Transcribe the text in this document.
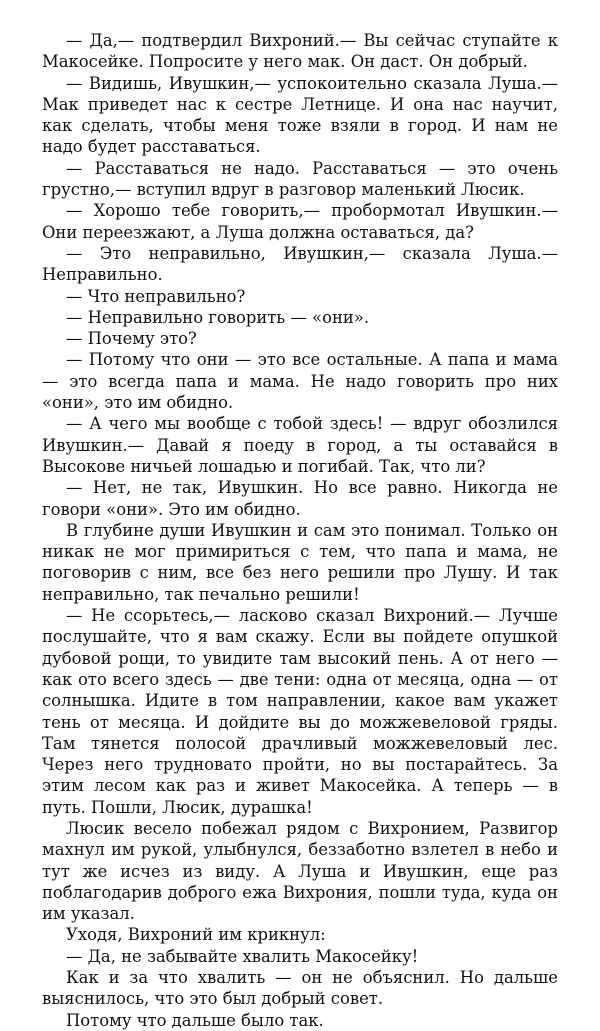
— Да,— подтвердил Вихроний.— Вы сейчас ступайте к Макосейке. Попросите у него мак. Он даст. Он добрый.

— Видишь, Ивушкин,— успокоительно сказала Луша.— Мак приведет нас к сестре Летнице. И она нас научит, как сделать, чтобы меня тоже взяли в город. И нам не надо будет расставаться.

— Расставаться не надо. Расставаться — это очень грустно,— вступил вдруг в разговор маленький Люсик.

— Хорошо тебе говорить,— пробормотал Ивушкин.— Они переезжают, а Луша должна оставаться, да?

— Это неправильно, Ивушкин,— сказала Луша.— Неправильно.

— Что неправильно?

— Неправильно говорить — «они».

— Почему это?

— Потому что они — это все остальные. А папа и мама — это всегда папа и мама. Не надо говорить про них «они», это им обидно.

— А чего мы вообще с тобой здесь! — вдруг обозлился Ивушкин.— Давай я поеду в город, а ты оставайся в Высокове ничьей лошадью и погибай. Так, что ли?

— Нет, не так, Ивушкин. Но все равно. Никогда не говори «они». Это им обидно.

В глубине души Ивушкин и сам это понимал. Только он никак не мог примириться с тем, что папа и мама, не поговорив с ним, все без него решили про Лушу. И так неправильно, так печально решили!

— Не ссорьтесь,— ласково сказал Вихроний.— Лучше послушайте, что я вам скажу. Если вы пойдете опушкой дубовой рощи, то увидите там высокий пень. А от него — как ото всего здесь — две тени: одна от месяца, одна — от солнышка. Идите в том направлении, какое вам укажет тень от месяца. И дойдите вы до можжевеловой гряды. Там тянется полосой драчливый можжевеловый лес. Через него трудновато пройти, но вы постарайтесь. За этим лесом как раз и живет Макосейка. А теперь — в путь. Пошли, Люсик, дурашка!

Люсик весело побежал рядом с Вихронием, Развигор махнул им рукой, улыбнулся, беззаботно взлетел в небо и тут же исчез из виду. А Луша и Ивушкин, еще раз поблагодарив доброго ежа Вихрония, пошли туда, куда он им указал.

Уходя, Вихроний им крикнул:

— Да, не забывайте хвалить Макосейку!

Как и за что хвалить — он не объяснил. Но дальше выяснилось, что это был добрый совет.

Потому что дальше было так.
